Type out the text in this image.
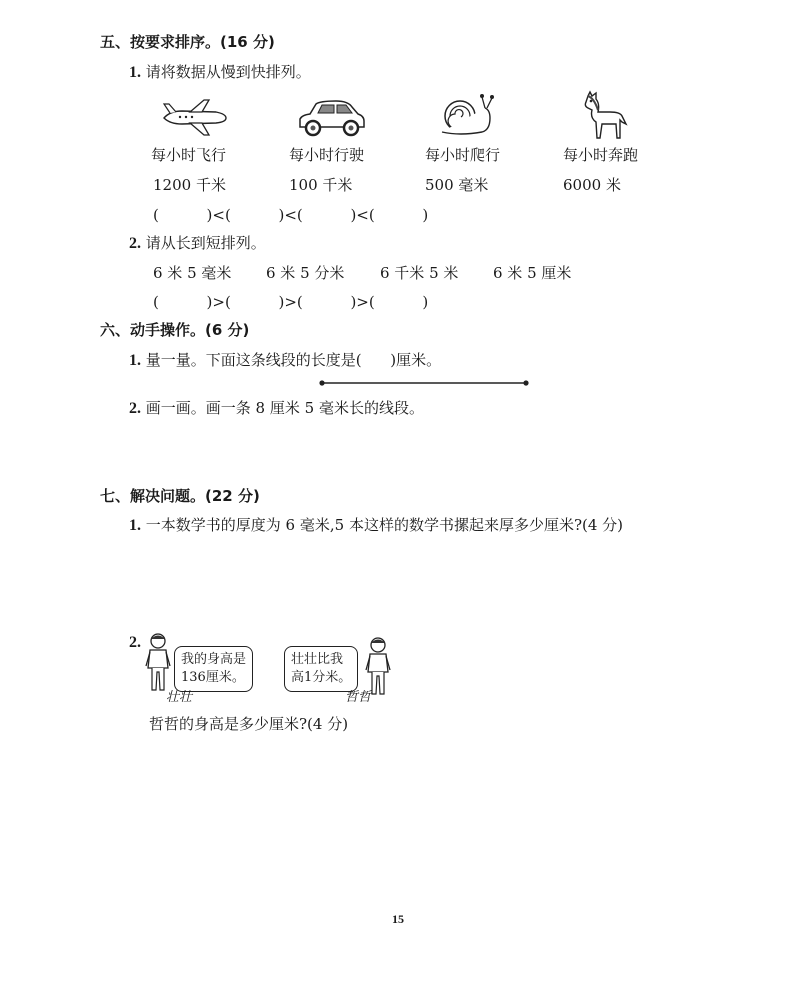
五、按要求排序。(16 分)
1. 请将数据从慢到快排列。
每小时飞行	每小时行驶	每小时爬行	每小时奔跑
1200 千米	100 千米	500 毫米	6000 米
(          )<(          )<(          )<(          )
2. 请从长到短排列。
6 米 5 毫米 6 米 5 分米 6 千米 5 米 6 米 5 厘米
(          )>(          )>(          )>(          )
六、动手操作。(6 分)
1. 量一量。下面这条线段的长度是(      )厘米。
2. 画一画。画一条 8 厘米 5 毫米长的线段。
七、解决问题。(22 分)
1. 一本数学书的厚度为 6 毫米,5 本这样的数学书摞起来厚多少厘米?(4 分)
2.
我的身高是
136厘米。
壮壮比我
高1分米。
壮壮	哲哲
哲哲的身高是多少厘米?(4 分)
15
